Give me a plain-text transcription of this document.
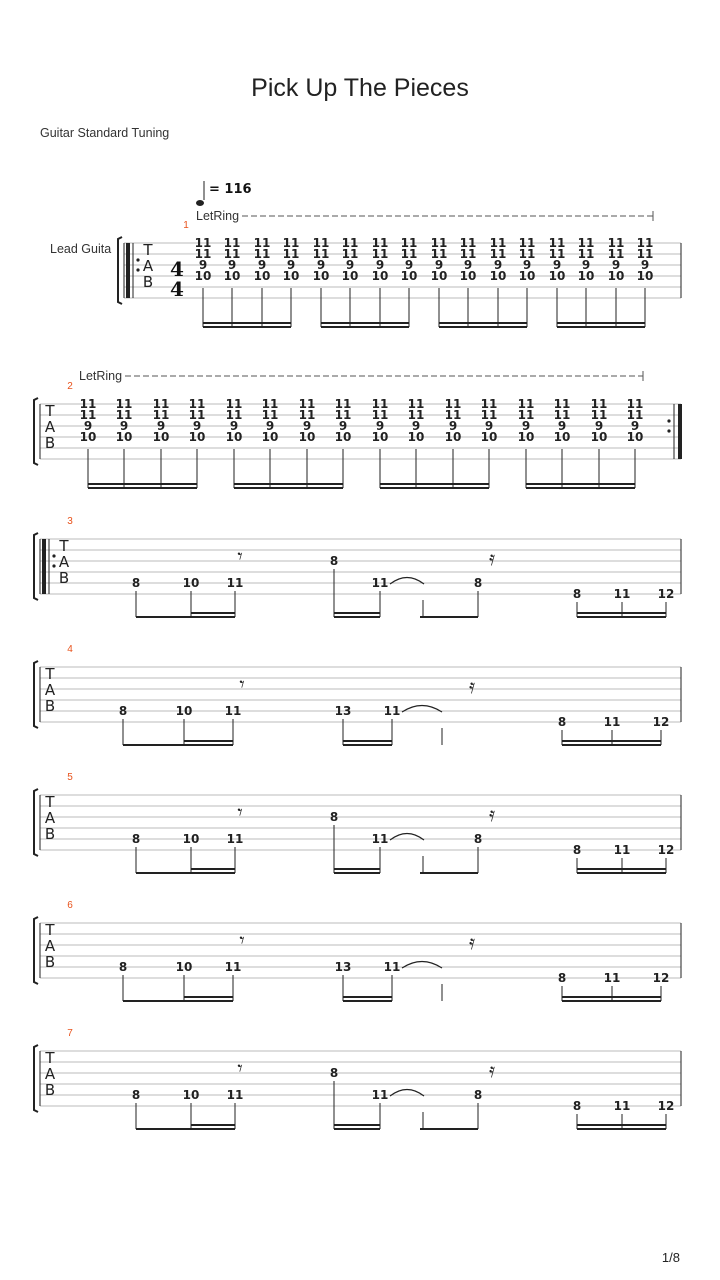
Pick Up The Pieces
Guitar Standard Tuning
Lead Guita
1/8
T
A
B
1
4
4
= 116
LetRing
11
11
9
10
11
11
9
10
11
11
9
10
11
11
9
10
11
11
9
10
11
11
9
10
11
11
9
10
11
11
9
10
11
11
9
10
11
11
9
10
11
11
9
10
11
11
9
10
11
11
9
10
11
11
9
10
11
11
9
10
11
11
9
10
T
A
B
2
LetRing
11
11
9
10
11
11
9
10
11
11
9
10
11
11
9
10
11
11
9
10
11
11
9
10
11
11
9
10
11
11
9
10
11
11
9
10
11
11
9
10
11
11
9
10
11
11
9
10
11
11
9
10
11
11
9
10
11
11
9
10
11
11
9
10
T
A
B
3
8	10 11
8
11	8
8	11 12
𝄾	𝄿
T
A
B
4
8	10	11	13	11
8	11	12
𝄾	𝄿
T
A
B
5
8	10 11
8
11	8
8	11 12
𝄾	𝄿
T
A
B
6
8	10	11	13	11
8	11	12
𝄾	𝄿
T
A
B
7
8	10 11
8
11	8
8	11 12
𝄾	𝄿
